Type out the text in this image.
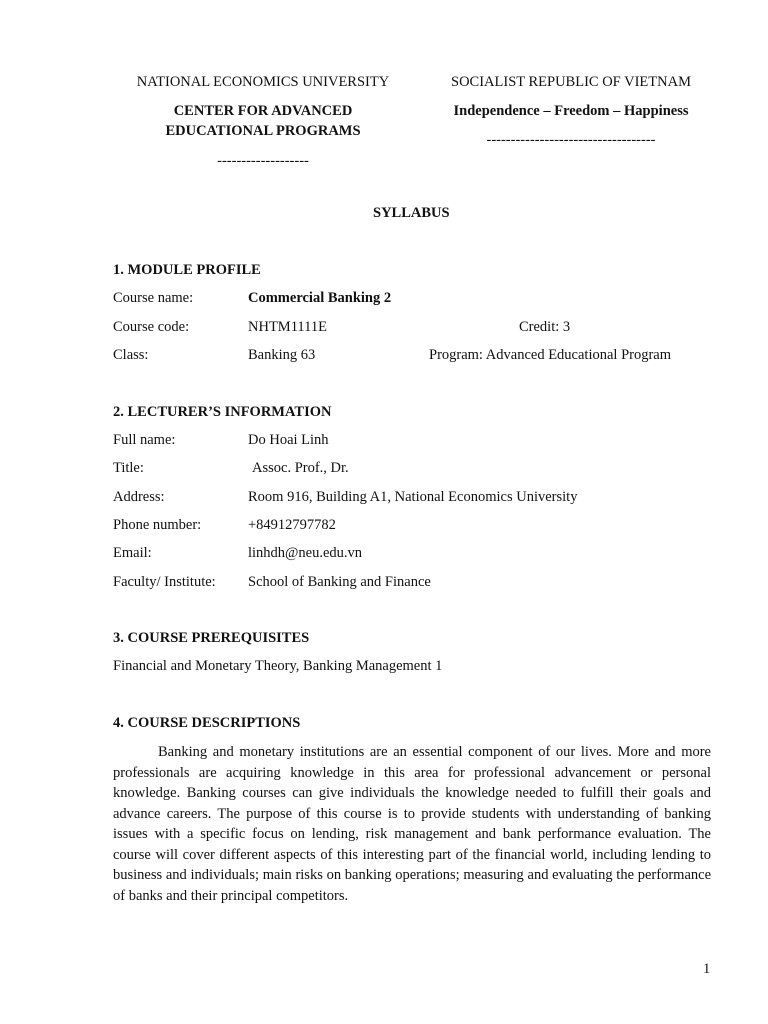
NATIONAL ECONOMICS UNIVERSITY
CENTER FOR ADVANCED
EDUCATIONAL PROGRAMS
-------------------
SOCIALIST REPUBLIC OF VIETNAM
Independence – Freedom – Happiness
-----------------------------------
SYLLABUS
1. MODULE PROFILE
Course name:	Commercial Banking 2
Course code:	NHTM1111E	Credit: 3
Class:	Banking 63	Program: Advanced Educational Program
2. LECTURER’S INFORMATION
Full name:	Do Hoai Linh
Title:	Assoc. Prof., Dr.
Address:	Room 916, Building A1, National Economics University
Phone number:	+84912797782
Email:	linhdh@neu.edu.vn
Faculty/ Institute: School of Banking and Finance
3. COURSE PREREQUISITES
Financial and Monetary Theory, Banking Management 1
4. COURSE DESCRIPTIONS
Banking and monetary institutions are an essential component of our lives. More and more professionals are acquiring knowledge in this area for professional advancement or personal knowledge. Banking courses can give individuals the knowledge needed to fulfill their goals and advance careers. The purpose of this course is to provide students with understanding of banking issues with a specific focus on lending, risk management and bank performance evaluation. The course will cover different aspects of this interesting part of the financial world, including lending to business and individuals; main risks on banking operations; measuring and evaluating the performance of banks and their principal competitors.
1
